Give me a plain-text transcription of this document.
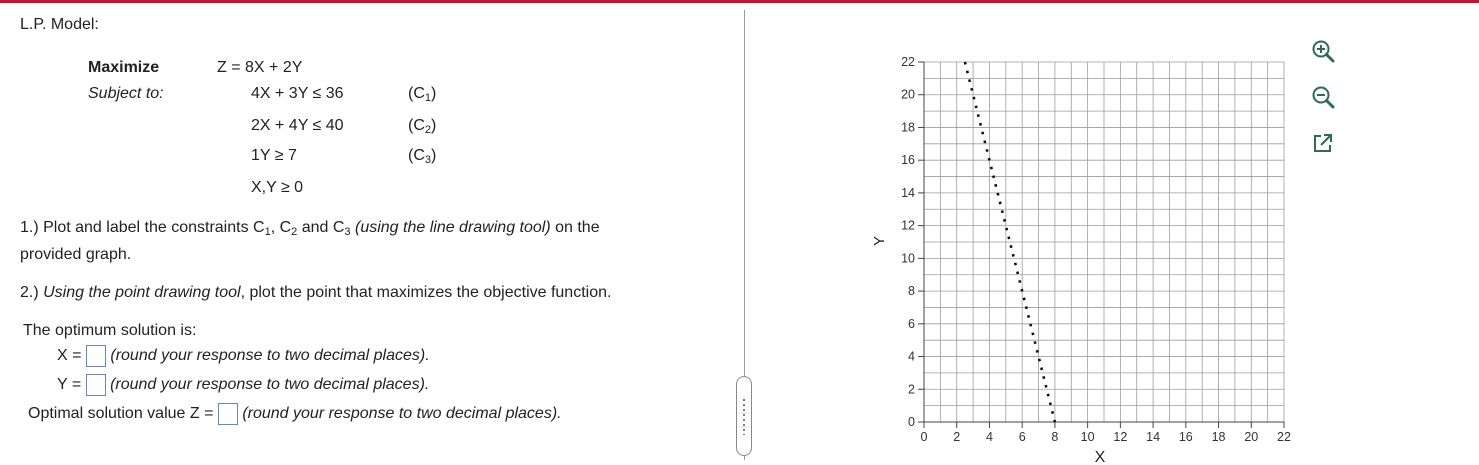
L.P. Model:
Maximize	Z = 8X + 2Y
Subject to:	4X + 3Y ≤ 36	$(C_1)$
2X + 4Y ≤ 40	$(C_2)$
1Y ≥ 7	$(C_3)$
X,Y ≥ 0
1.) Plot and label the constraints $C_1$, $C_2$ and $C_3$ (using the line drawing tool) on the
provided graph.
2.) Using the point drawing tool, plot the point that maximizes the objective function.
The optimum solution is:
X = (round your response to two decimal places).
Y = (round your response to two decimal places).
Optimal solution value Z = (round your response to two decimal places).
0 2 4 6 8 10 12 14 16 18 20 22
0
2
4
6
8
10
12
14
16
18
20
22
X
Y
